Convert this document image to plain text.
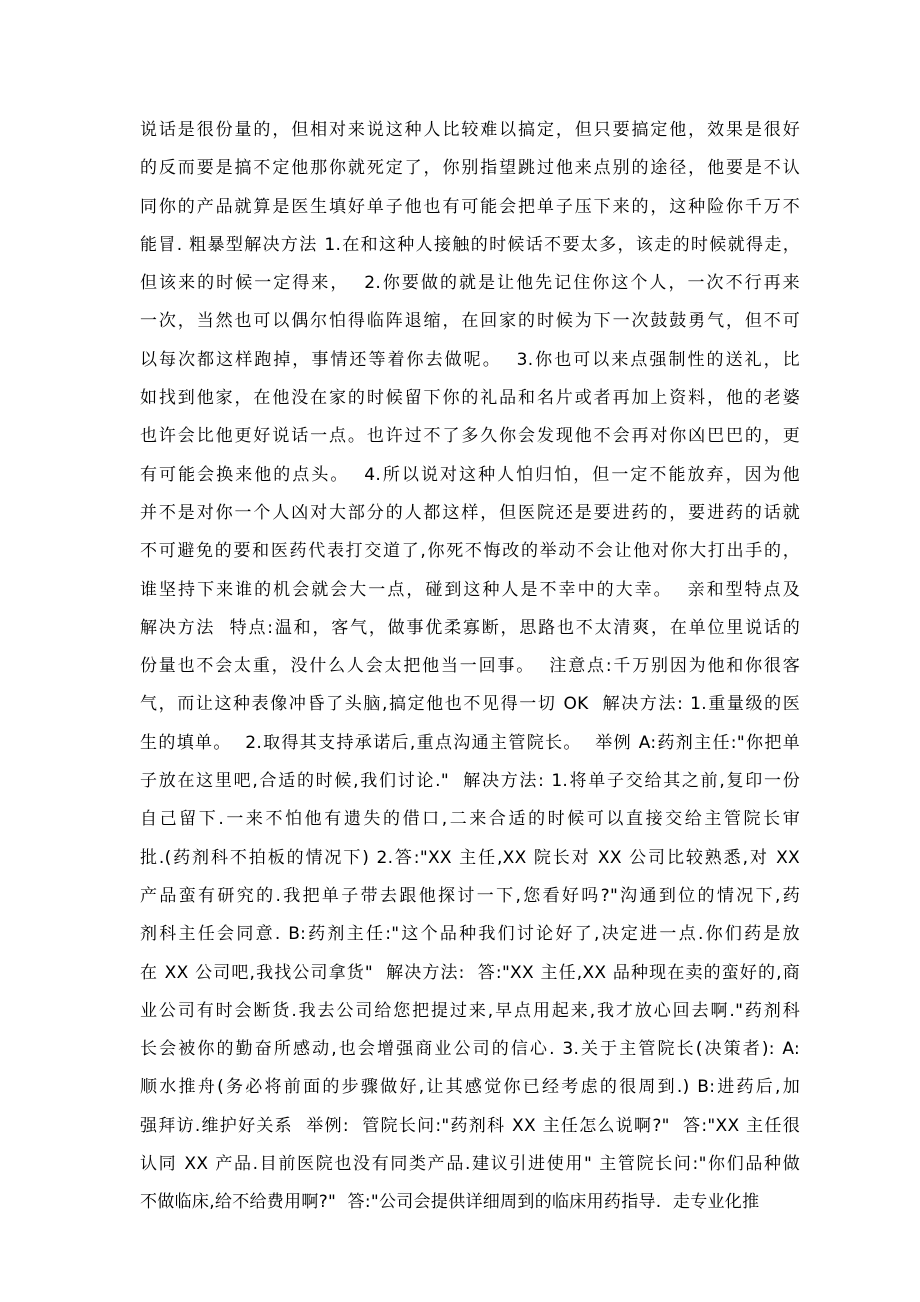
说话是很份量的，但相对来说这种人比较难以搞定，但只要搞定他，效果是很好
的反而要是搞不定他那你就死定了，你别指望跳过他来点别的途径，他要是不认
同你的产品就算是医生填好单子他也有可能会把单子压下来的，这种险你千万不
能冒. 粗暴型解决方法 1.在和这种人接触的时候话不要太多，该走的时候就得走，
但该来的时候一定得来，  2.你要做的就是让他先记住你这个人，一次不行再来
一次，当然也可以偶尔怕得临阵退缩，在回家的时候为下一次鼓鼓勇气，但不可
以每次都这样跑掉，事情还等着你去做呢。  3.你也可以来点强制性的送礼，比
如找到他家，在他没在家的时候留下你的礼品和名片或者再加上资料，他的老婆
也许会比他更好说话一点。也许过不了多久你会发现他不会再对你凶巴巴的，更
有可能会换来他的点头。  4.所以说对这种人怕归怕，但一定不能放弃，因为他
并不是对你一个人凶对大部分的人都这样，但医院还是要进药的，要进药的话就
不可避免的要和医药代表打交道了,你死不悔改的举动不会让他对你大打出手的，
谁坚持下来谁的机会就会大一点，碰到这种人是不幸中的大幸。  亲和型特点及
解决方法  特点:温和，客气，做事优柔寡断，思路也不太清爽，在单位里说话的
份量也不会太重，没什么人会太把他当一回事。  注意点:千万别因为他和你很客
气，而让这种表像冲昏了头脑,搞定他也不见得一切 OK  解决方法: 1.重量级的医
生的填单。  2.取得其支持承诺后,重点沟通主管院长。  举例 A:药剂主任:"你把单
子放在这里吧,合适的时候,我们讨论."  解决方法: 1.将单子交给其之前,复印一份
自己留下.一来不怕他有遗失的借口,二来合适的时候可以直接交给主管院长审
批.(药剂科不拍板的情况下) 2.答:"XX 主任,XX 院长对 XX 公司比较熟悉,对 XX
产品蛮有研究的.我把单子带去跟他探讨一下,您看好吗?"沟通到位的情况下,药
剂科主任会同意. B:药剂主任:"这个品种我们讨论好了,决定进一点.你们药是放
在 XX 公司吧,我找公司拿货"  解决方法:  答:"XX 主任,XX 品种现在卖的蛮好的,商
业公司有时会断货.我去公司给您把提过来,早点用起来,我才放心回去啊."药剂科
长会被你的勤奋所感动,也会增强商业公司的信心. 3.关于主管院长(决策者): A:
顺水推舟(务必将前面的步骤做好,让其感觉你已经考虑的很周到.) B:进药后,加
强拜访.维护好关系  举例:  管院长问:"药剂科 XX 主任怎么说啊?"  答:"XX 主任很
认同 XX 产品.目前医院也没有同类产品.建议引进使用" 主管院长问:"你们品种做
不做临床,给不给费用啊?"  答:"公司会提供详细周到的临床用药指导.  走专业化推
